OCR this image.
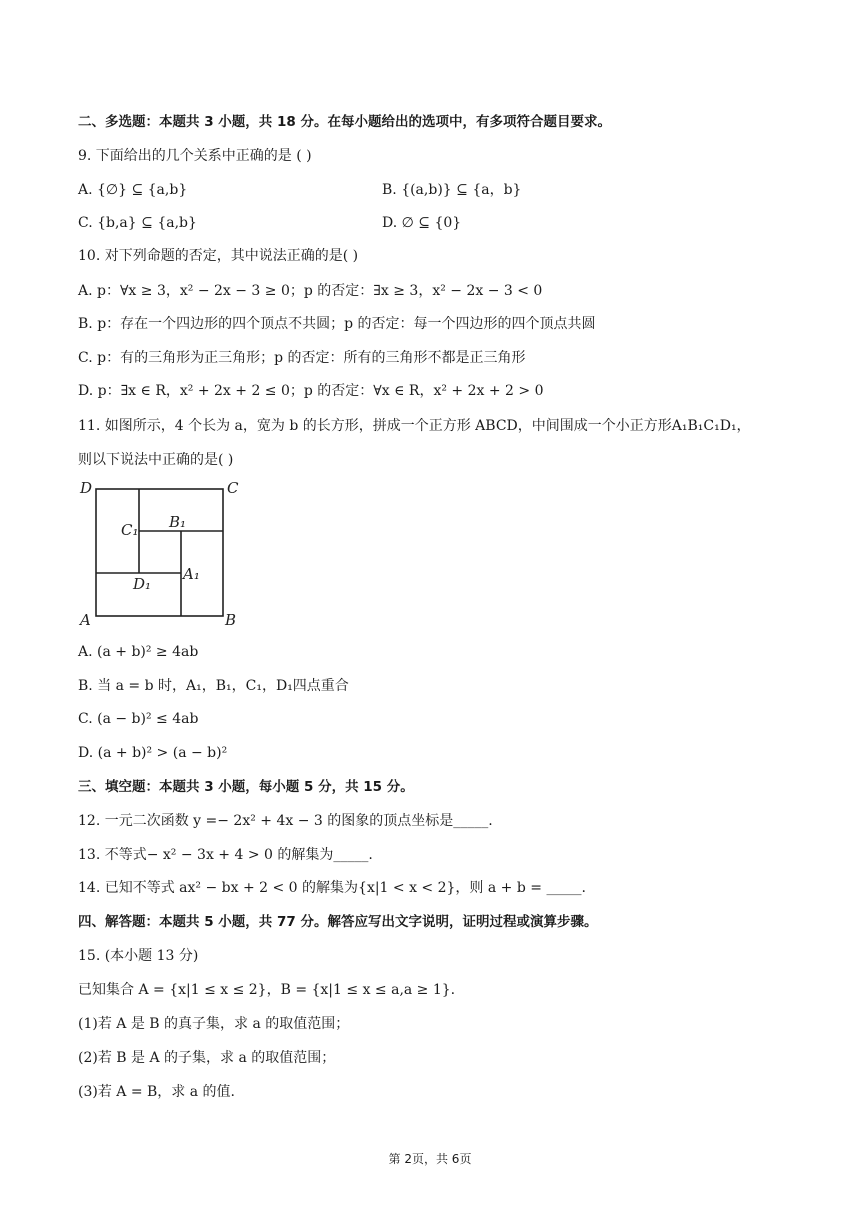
二、多选题：本题共 3 小题，共 18 分。在每小题给出的选项中，有多项符合题目要求。
9. 下面给出的几个关系中正确的是 ( )
A. {∅} ⊆ {a,b}	B. {(a,b)} ⊆ {a，b}
C. {b,a} ⊆ {a,b}	D. ∅ ⊆ {0}
10. 对下列命题的否定，其中说法正确的是( )
A. p：∀x ≥ 3，x² − 2x − 3 ≥ 0；p 的否定：∃x ≥ 3，x² − 2x − 3 < 0
B. p：存在一个四边形的四个顶点不共圆；p 的否定：每一个四边形的四个顶点共圆
C. p：有的三角形为正三角形；p 的否定：所有的三角形不都是正三角形
D. p：∃x ∈ R，x² + 2x + 2 ≤ 0；p 的否定：∀x ∈ R，x² + 2x + 2 > 0
11. 如图所示，4 个长为 a，宽为 b 的长方形，拼成一个正方形 ABCD，中间围成一个小正方形A₁B₁C₁D₁，
则以下说法中正确的是( )
D	C
A	B
C₁ B₁
D₁
A₁
A. (a + b)² ≥ 4ab
B. 当 a = b 时，A₁，B₁，C₁，D₁四点重合
C. (a − b)² ≤ 4ab
D. (a + b)² > (a − b)²
三、填空题：本题共 3 小题，每小题 5 分，共 15 分。
12. 一元二次函数 y =− 2x² + 4x − 3 的图象的顶点坐标是_____.
13. 不等式− x² − 3x + 4 > 0 的解集为_____.
14. 已知不等式 ax² − bx + 2 < 0 的解集为{x|1 < x < 2}，则 a + b = _____.
四、解答题：本题共 5 小题，共 77 分。解答应写出文字说明，证明过程或演算步骤。
15. (本小题 13 分)
已知集合 A = {x|1 ≤ x ≤ 2}，B = {x|1 ≤ x ≤ a,a ≥ 1}.
(1)若 A 是 B 的真子集，求 a 的取值范围；
(2)若 B 是 A 的子集，求 a 的取值范围；
(3)若 A = B，求 a 的值.
第 2页，共 6页
